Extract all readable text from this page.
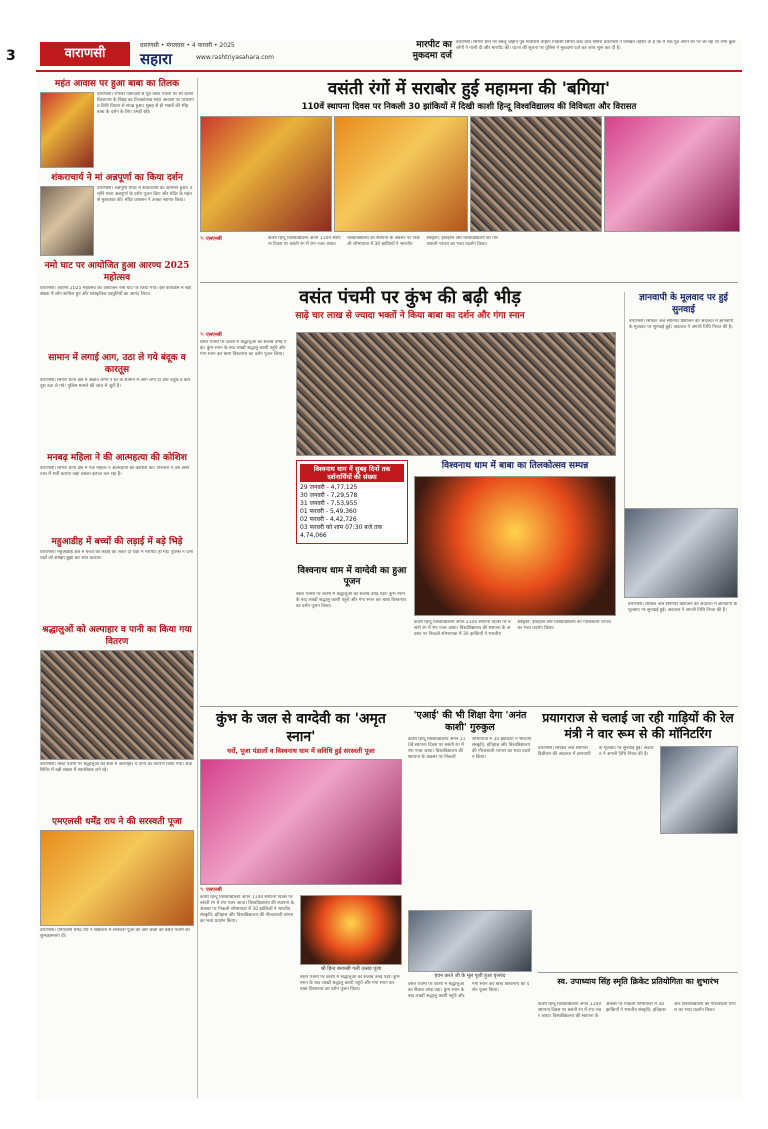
3	वाराणसी
वाराणसी • मंगलवार • 4 फरवरी • 2025
सहारा	www.rashtriyasahara.com
मारपीट का मुकदमा दर्ज
वाराणसी। सिगरा थाने पर बबलू चौहान पुत्र मोतीराम चौहान निवासी सिगरा कोट वाल सिगरा वाराणसी ने लिखित तहरीर दी है कि मैं एक पुत्र अपने घर पर जा रहा था तभी कुछ लोगों ने गाली दी और मारपीट की। घटना की सूचना पर पुलिस ने मुकदमा दर्ज कर जांच शुरू कर दी है।
महंत आवास पर हुआ बाबा का तिलक
वाराणसी। रंगभरी एकादशी से पूर्व वसंत पंचमी पर श्री काशी विश्वनाथ के विग्रह का तिलकोत्सव महंत आवास पर परंपरागत विधि विधान से संपन्न हुआ। सुबह से ही भक्तों की भीड़ बाबा के दर्शन के लिए उमड़ी रही।
शंकराचार्य ने मां अन्नपूर्णा का किया दर्शन
वाराणसी। अन्नपूर्णा मंदिर में शंकराचार्य का आगमन हुआ। उन्होंने माता अन्नपूर्णा के दर्शन पूजन किए और मंदिर के महंत से मुलाकात की। मंदिर प्रशासन ने उनका स्वागत किया।
नमो घाट पर आयोजित हुआ आरण्य 2025 महोत्सव
वाराणसी। आरण्य 2025 महोत्सव का आयोजन नमो घाट पर किया गया। इस कार्यक्रम में बड़ी संख्या में लोग शामिल हुए और सांस्कृतिक प्रस्तुतियों का आनंद लिया।
सामान में लगाई आग, उठा ले गये बंदूक व कारतूस
वाराणसी। सिगरा थाना क्षेत्र में अज्ञात लोगों ने घर के सामान में आग लगा दी और बंदूक व कारतूस उठा ले गये। पुलिस मामले की जांच में जुटी है।
मनबढ़ महिला ने की आत्महत्या की कोशिश
वाराणसी। सिगरा थाना क्षेत्र में एक महिला ने आत्महत्या की कोशिश की। परिजनों ने उसे अस्पताल में भर्ती कराया जहां उसका इलाज चल रहा है।
महुआडीह में बच्चों की लड़ाई में बड़े भिड़े
वाराणसी। महुआडीह क्षेत्र में बच्चों की लड़ाई को लेकर दो पक्षों में मारपीट हो गई। पुलिस ने दोनों पक्षों को समझा बुझा कर शांत कराया।
श्रद्धालुओं को अल्पाहार व पानी का किया गया वितरण
वाराणसी। वसंत पंचमी पर श्रद्धालुओं की सेवा में अल्पाहार व पानी का वितरण किया गया। सेवा शिविर में बड़ी संख्या में स्वयंसेवक लगे रहे।
एमएलसी धर्मेंद्र राय ने की सरस्वती पूजा
वाराणसी। एमएलसी धर्मेंद्र राय ने विद्यालय में सरस्वती पूजा की और छात्रों को वसंत पंचमी की शुभकामनाएं दीं।
वसंती रंगों में सराबोर हुई महामना की 'बगिया'
110वें स्थापना दिवस पर निकली 30 झांकियों में दिखी काशी हिन्दू विश्वविद्यालय की विविधता और विरासत
✎ एसएनबी	काशी हिन्दू विश्वविद्यालय अपने 110वें स्थापना दिवस पर बसंती रंग में रंगा नजर आया। विश्वविद्यालय की स्थापना के अवसर पर निकली शोभायात्रा में 30 झांकियों ने भारतीय संस्कृति, इतिहास और विश्वविद्यालय की गौरवशाली परंपरा का भव्य प्रदर्शन किया।
वसंत पंचमी पर कुंभ की बढ़ी भीड़
साढ़े चार लाख से ज्यादा भक्तों ने किया बाबा का दर्शन और गंगा स्नान
✎ एसएनबी
वसंत पंचमी पर काशी में श्रद्धालुओं का सैलाब उमड़ पड़ा। कुंभ स्नान के बाद लाखों श्रद्धालु काशी पहुंचे और गंगा स्नान कर बाबा विश्वनाथ का दर्शन पूजन किया।
विश्वनाथ धाम में सुबह दिनों तक दर्शनार्थियों की संख्या
29 जनवरी - 4,77,125
30 जनवरी - 7,29,578
31 जनवरी - 7,53,955
01 फरवरी - 5,49,360
02 फरवरी - 4,42,726
03 फरवरी को शाम 07:30 बजे तक 4,74,066
विश्वनाथ धाम में बाबा का तिलकोत्सव सम्पन्न
विश्वनाथ धाम में वाग्देवी का हुआ पूजन
वसंत पंचमी पर काशी में श्रद्धालुओं का सैलाब उमड़ पड़ा। कुंभ स्नान के बाद लाखों श्रद्धालु काशी पहुंचे और गंगा स्नान कर बाबा विश्वनाथ का दर्शन पूजन किया।
काशी हिन्दू विश्वविद्यालय अपने 110वें स्थापना दिवस पर बसंती रंग में रंगा नजर आया। विश्वविद्यालय की स्थापना के अवसर पर निकली शोभायात्रा में 30 झांकियों ने भारतीय संस्कृति, इतिहास और विश्वविद्यालय की गौरवशाली परंपरा का भव्य प्रदर्शन किया।
ज्ञानवापी के मूलवाद पर हुई सुनवाई
वाराणसी। सिविल जज सीनियर डिवीजन की अदालत में ज्ञानवापी के मूलवाद पर सुनवाई हुई। अदालत ने अगली तिथि नियत की है।
वाराणसी। सिविल जज सीनियर डिवीजन की अदालत में ज्ञानवापी के मूलवाद पर सुनवाई हुई। अदालत ने अगली तिथि नियत की है।
कुंभ के जल से वाग्देवी का 'अमृत स्नान'
घरों, पूजा पंडालों व विश्वनाथ धाम में सविधि हुई सरस्वती पूजा
✎ एसएनबी
काशी हिन्दू विश्वविद्यालय अपने 110वें स्थापना दिवस पर बसंती रंग में रंगा नजर आया। विश्वविद्यालय की स्थापना के अवसर पर निकली शोभायात्रा में 30 झांकियों ने भारतीय संस्कृति, इतिहास और विश्वविद्यालय की गौरवशाली परंपरा का भव्य प्रदर्शन किया।
श्री हिन्द बनारसी गली उत्सव पूजा
वसंत पंचमी पर काशी में श्रद्धालुओं का सैलाब उमड़ पड़ा। कुंभ स्नान के बाद लाखों श्रद्धालु काशी पहुंचे और गंगा स्नान कर बाबा विश्वनाथ का दर्शन पूजन किया।
'एआई' की भी शिक्षा देगा 'अनंत काशी' गुरुकुल
काशी हिन्दू विश्वविद्यालय अपने 110वें स्थापना दिवस पर बसंती रंग में रंगा नजर आया। विश्वविद्यालय की स्थापना के अवसर पर निकली शोभायात्रा में 30 झांकियों ने भारतीय संस्कृति, इतिहास और विश्वविद्यालय की गौरवशाली परंपरा का भव्य प्रदर्शन किया।
हवन करते जी के मूल पूजी हुआ वृत्तपद
वसंत पंचमी पर काशी में श्रद्धालुओं का सैलाब उमड़ पड़ा। कुंभ स्नान के बाद लाखों श्रद्धालु काशी पहुंचे और गंगा स्नान कर बाबा विश्वनाथ का दर्शन पूजन किया।
प्रयागराज से चलाई जा रही गाड़ियों की रेल मंत्री ने वार रूम से की मॉनिटरिंग
वाराणसी। सिविल जज सीनियर डिवीजन की अदालत में ज्ञानवापी के मूलवाद पर सुनवाई हुई। अदालत ने अगली तिथि नियत की है।
स्व. उपाध्याय सिंह स्मृति क्रिकेट प्रतियोगिता का शुभारंभ
काशी हिन्दू विश्वविद्यालय अपने 110वें स्थापना दिवस पर बसंती रंग में रंगा नजर आया। विश्वविद्यालय की स्थापना के अवसर पर निकली शोभायात्रा में 30 झांकियों ने भारतीय संस्कृति, इतिहास और विश्वविद्यालय की गौरवशाली परंपरा का भव्य प्रदर्शन किया।
